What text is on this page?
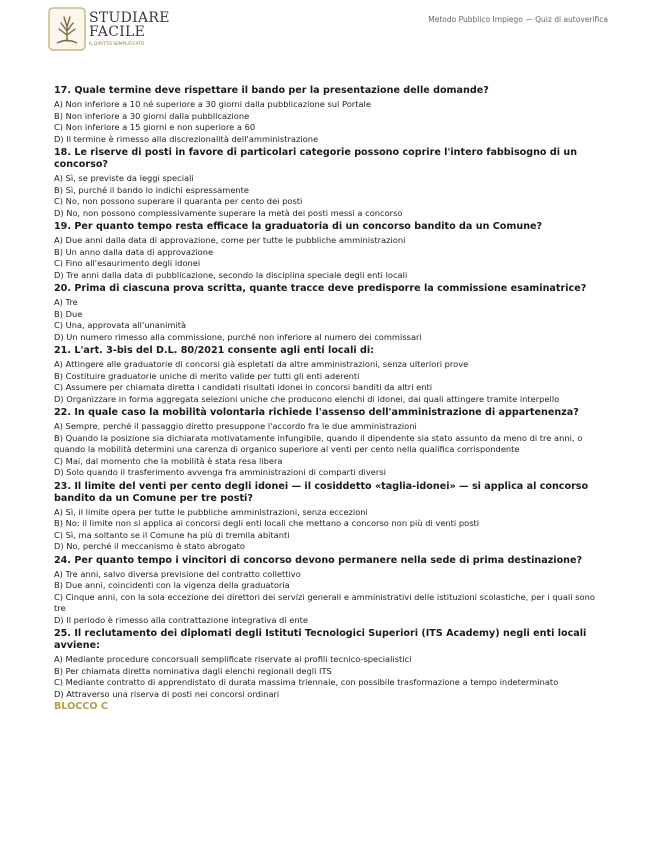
STUDIARE
FACILE
IL DIRITTO SEMPLIFICATO
Metodo Pubblico Impiego — Quiz di autoverifica
17. Quale termine deve rispettare il bando per la presentazione delle domande?
A) Non inferiore a 10 né superiore a 30 giorni dalla pubblicazione sul Portale
B) Non inferiore a 30 giorni dalla pubblicazione
C) Non inferiore a 15 giorni e non superiore a 60
D) Il termine è rimesso alla discrezionalità dell'amministrazione
18. Le riserve di posti in favore di particolari categorie possono coprire l'intero fabbisogno di un concorso?
A) Sì, se previste da leggi speciali
B) Sì, purché il bando lo indichi espressamente
C) No, non possono superare il quaranta per cento dei posti
D) No, non possono complessivamente superare la metà dei posti messi a concorso
19. Per quanto tempo resta efficace la graduatoria di un concorso bandito da un Comune?
A) Due anni dalla data di approvazione, come per tutte le pubbliche amministrazioni
B) Un anno dalla data di approvazione
C) Fino all'esaurimento degli idonei
D) Tre anni dalla data di pubblicazione, secondo la disciplina speciale degli enti locali
20. Prima di ciascuna prova scritta, quante tracce deve predisporre la commissione esaminatrice?
A) Tre
B) Due
C) Una, approvata all'unanimità
D) Un numero rimesso alla commissione, purché non inferiore al numero dei commissari
21. L'art. 3-bis del D.L. 80/2021 consente agli enti locali di:
A) Attingere alle graduatorie di concorsi già espletati da altre amministrazioni, senza ulteriori prove
B) Costituire graduatorie uniche di merito valide per tutti gli enti aderenti
C) Assumere per chiamata diretta i candidati risultati idonei in concorsi banditi da altri enti
D) Organizzare in forma aggregata selezioni uniche che producono elenchi di idonei, dai quali attingere tramite interpello
22. In quale caso la mobilità volontaria richiede l'assenso dell'amministrazione di appartenenza?
A) Sempre, perché il passaggio diretto presuppone l'accordo fra le due amministrazioni
B) Quando la posizione sia dichiarata motivatamente infungibile, quando il dipendente sia stato assunto da meno di tre anni, o quando la mobilità determini una carenza di organico superiore al venti per cento nella qualifica corrispondente
C) Mai, dal momento che la mobilità è stata resa libera
D) Solo quando il trasferimento avvenga fra amministrazioni di comparti diversi
23. Il limite del venti per cento degli idonei — il cosiddetto «taglia-idonei» — si applica al concorso bandito da un Comune per tre posti?
A) Sì, il limite opera per tutte le pubbliche amministrazioni, senza eccezioni
B) No: il limite non si applica ai concorsi degli enti locali che mettano a concorso non più di venti posti
C) Sì, ma soltanto se il Comune ha più di tremila abitanti
D) No, perché il meccanismo è stato abrogato
24. Per quanto tempo i vincitori di concorso devono permanere nella sede di prima destinazione?
A) Tre anni, salvo diversa previsione del contratto collettivo
B) Due anni, coincidenti con la vigenza della graduatoria
C) Cinque anni, con la sola eccezione dei direttori dei servizi generali e amministrativi delle istituzioni scolastiche, per i quali sono tre
D) Il periodo è rimesso alla contrattazione integrativa di ente
25. Il reclutamento dei diplomati degli Istituti Tecnologici Superiori (ITS Academy) negli enti locali avviene:
A) Mediante procedure concorsuali semplificate riservate ai profili tecnico-specialistici
B) Per chiamata diretta nominativa dagli elenchi regionali degli ITS
C) Mediante contratto di apprendistato di durata massima triennale, con possibile trasformazione a tempo indeterminato
D) Attraverso una riserva di posti nei concorsi ordinari
BLOCCO C
